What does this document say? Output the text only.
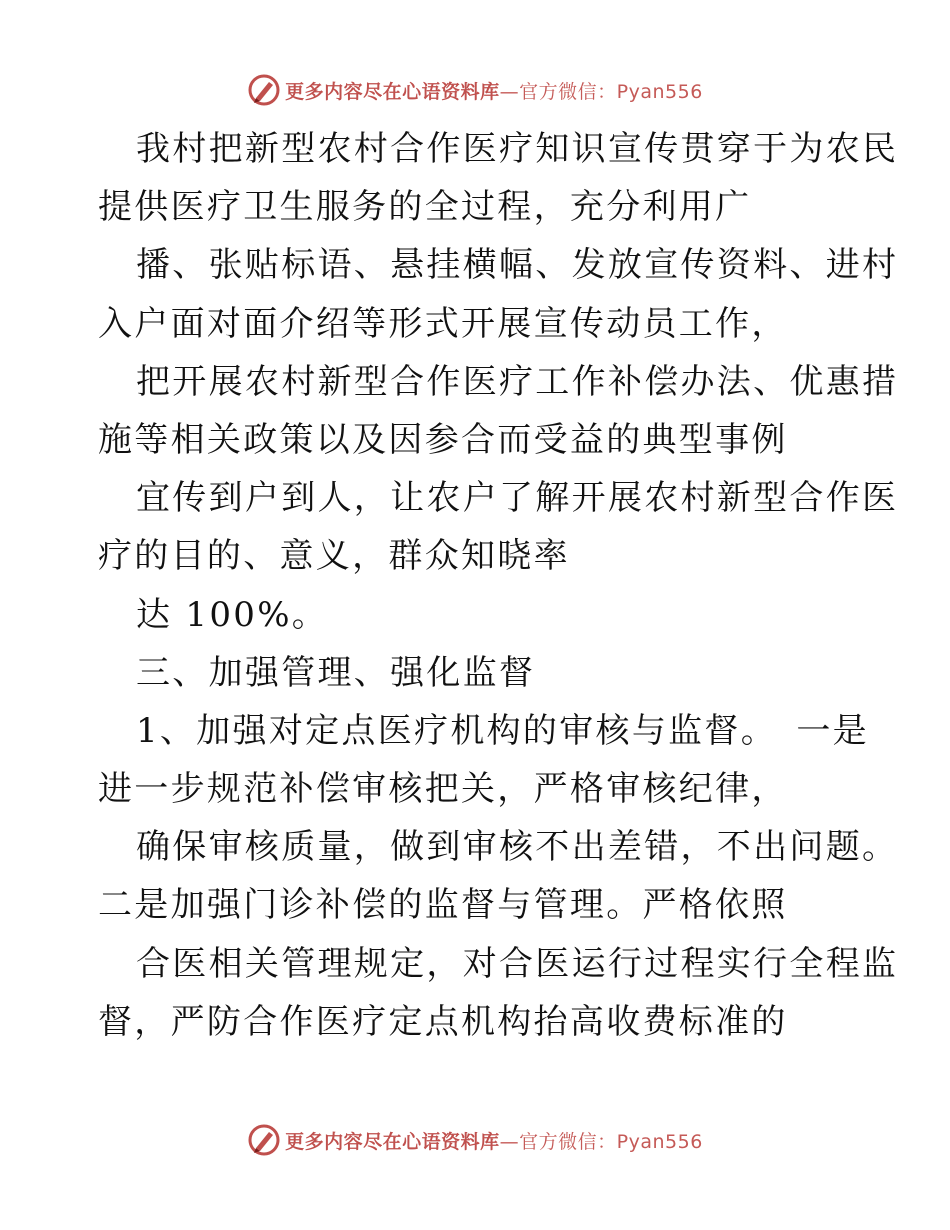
更多内容尽在心语资料库—官方微信：Pyan556
我村把新型农村合作医疗知识宣传贯穿于为农民
提供医疗卫生服务的全过程，充分利用广
播、张贴标语、悬挂横幅、发放宣传资料、进村
入户面对面介绍等形式开展宣传动员工作，
把开展农村新型合作医疗工作补偿办法、优惠措
施等相关政策以及因参合而受益的典型事例
宜传到户到人，让农户了解开展农村新型合作医
疗的目的、意义，群众知晓率
达 100%。
三、加强管理、强化监督
1、加强对定点医疗机构的审核与监督。　一是
进一步规范补偿审核把关，严格审核纪律，
确保审核质量，做到审核不出差错，不出问题。
二是加强门诊补偿的监督与管理。严格依照
合医相关管理规定，对合医运行过程实行全程监
督，严防合作医疗定点机构抬高收费标准的
更多内容尽在心语资料库—官方微信：Pyan556
